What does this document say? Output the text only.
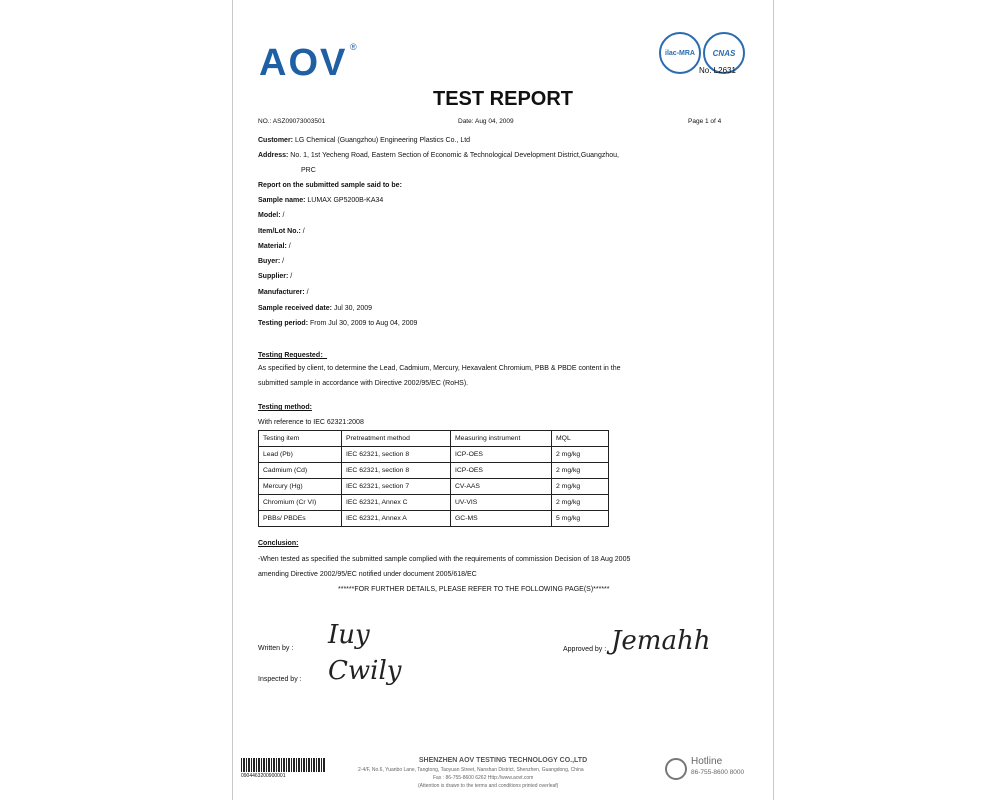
AOV ®
ilac-MRA	CNAS
No. L2631
TEST REPORT
NO.: ASZ09073003501	Date: Aug 04, 2009	Page 1 of 4
Customer: LG Chemical (Guangzhou) Engineering Plastics Co., Ltd
Address: No. 1, 1st Yecheng Road, Eastern Section of Economic & Technological Development District,Guangzhou,
PRC
Report on the submitted sample said to be:
Sample name: LUMAX GP5200B-KA34
Model: /
Item/Lot No.: /
Material: /
Buyer: /
Supplier: /
Manufacturer: /
Sample received date: Jul 30, 2009
Testing period: From Jul 30, 2009 to Aug 04, 2009
Testing Requested：
As specified by client, to determine the Lead, Cadmium, Mercury, Hexavalent Chromium, PBB & PBDE content in the
submitted sample in accordance with Directive 2002/95/EC (RoHS).
Testing method:
With reference to IEC 62321:2008
Testing item	Pretreatment method	Measuring instrument	MQL
Lead (Pb)	IEC 62321, section 8	ICP-OES	2 mg/kg
Cadmium (Cd)	IEC 62321, section 8	ICP-OES	2 mg/kg
Mercury (Hg)	IEC 62321, section 7	CV-AAS	2 mg/kg
Chromium (Cr VI)	IEC 62321, Annex C	UV-VIS	2 mg/kg
PBBs/ PBDEs	IEC 62321, Annex A	GC-MS	5 mg/kg
Conclusion:
-When tested as specified the submitted sample complied with the requirements of commission Decision of 18 Aug 2005
amending Directive 2002/95/EC notified under document 2005/618/EC
******FOR FURTHER DETAILS, PLEASE REFER TO THE FOLLOWING PAGE(S)******
Written by : Iuy
Inspected by : Cwily
Approved by : Jemahh
0904463200900001
SHENZHEN AOV TESTING TECHNOLOGY CO.,LTD
2-4/F, No.6, Yuanbo Lane, Tangtong, Taoyuan Street, Nanshan District, Shenzhen, Guangdong, China
Fax : 86-755-8600 6262 Http://www.aovt.com
(Attention is drawn to the terms and conditions printed overleaf)
Hotline
86-755-8600 8000
